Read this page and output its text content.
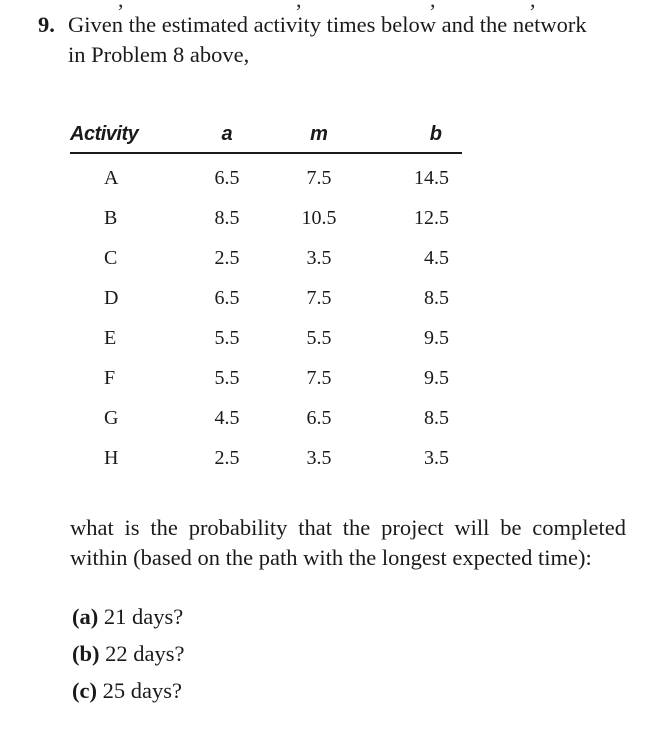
9. Given the estimated activity times below and the network
in Problem 8 above,
Activity	a	m	b
A	6.5	7.5	14.5
B	8.5	10.5	12.5
C	2.5	3.5	4.5
D	6.5	7.5	8.5
E	5.5	5.5	9.5
F	5.5	7.5	9.5
G	4.5	6.5	8.5
H	2.5	3.5	3.5
what is the probability that the project will be completed within (based on the path with the longest expected time):
(a) 21 days?
(b) 22 days?
(c) 25 days?
